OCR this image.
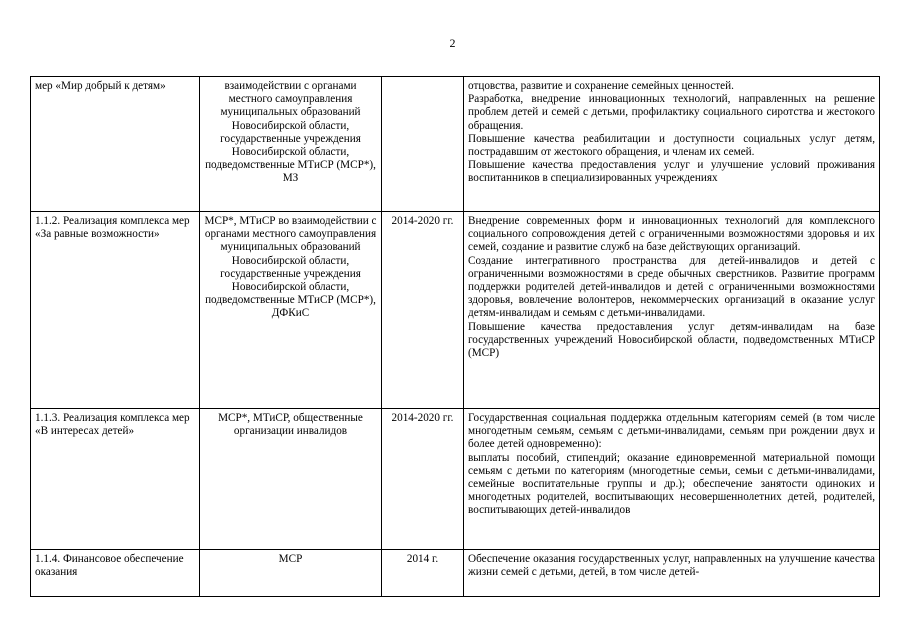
2
мер «Мир добрый к детям»	взаимодействии с органами местного самоуправления муниципальных образований Новосибирской области, государственные учреждения Новосибирской области, подведомственные МТиСР (МСР*), МЗ		отцовства, развитие и сохранение семейных ценностей.

Разработка, внедрение инновационных технологий, направленных на решение проблем детей и семей с детьми, профилактику социального сиротства и жестокого обращения.

Повышение качества реабилитации и доступности социальных услуг детям, пострадавшим от жестокого обращения, и членам их семей.

Повышение качества предоставления услуг и улучшение условий проживания воспитанников в специализированных учреждениях

1.1.2. Реализация комплекса мер «За равные возможности»	МСР*, МТиСР во взаимодействии с органами местного самоуправления муниципальных образований Новосибирской области, государственные учреждения Новосибирской области, подведомственные МТиСР (МСР*), ДФКиС	2014-2020 гг.	Внедрение современных форм и инновационных технологий для комплексного социального сопровождения детей с ограниченными возможностями здоровья и их семей, создание и развитие служб на базе действующих организаций.

Создание интегративного пространства для детей-инвалидов и детей с ограниченными возможностями в среде обычных сверстников. Развитие программ поддержки родителей детей-инвалидов и детей с ограниченными возможностями здоровья, вовлечение волонтеров, некоммерческих организаций в оказание услуг детям-инвалидам и семьям с детьми-инвалидами.

Повышение качества предоставления услуг детям-инвалидам на базе государственных учреждений Новосибирской области, подведомственных МТиСР (МСР)

1.1.3. Реализация комплекса мер «В интересах детей»	МСР*, МТиСР, общественные организации инвалидов	2014-2020 гг.	Государственная социальная поддержка отдельным категориям семей (в том числе многодетным семьям, семьям с детьми-инвалидами, семьям при рождении двух и более детей одновременно):

выплаты пособий, стипендий; оказание единовременной материальной помощи семьям с детьми по категориям (многодетные семьи, семьи с детьми-инвалидами, семейные воспитательные группы и др.); обеспечение занятости одиноких и многодетных родителей, воспитывающих несовершеннолетних детей, родителей, воспитывающих детей-инвалидов

1.1.4. Финансовое обеспечение оказания	МСР	2014 г.	Обеспечение оказания государственных услуг, направленных на улучшение качества жизни семей с детьми, детей, в том числе детей-
